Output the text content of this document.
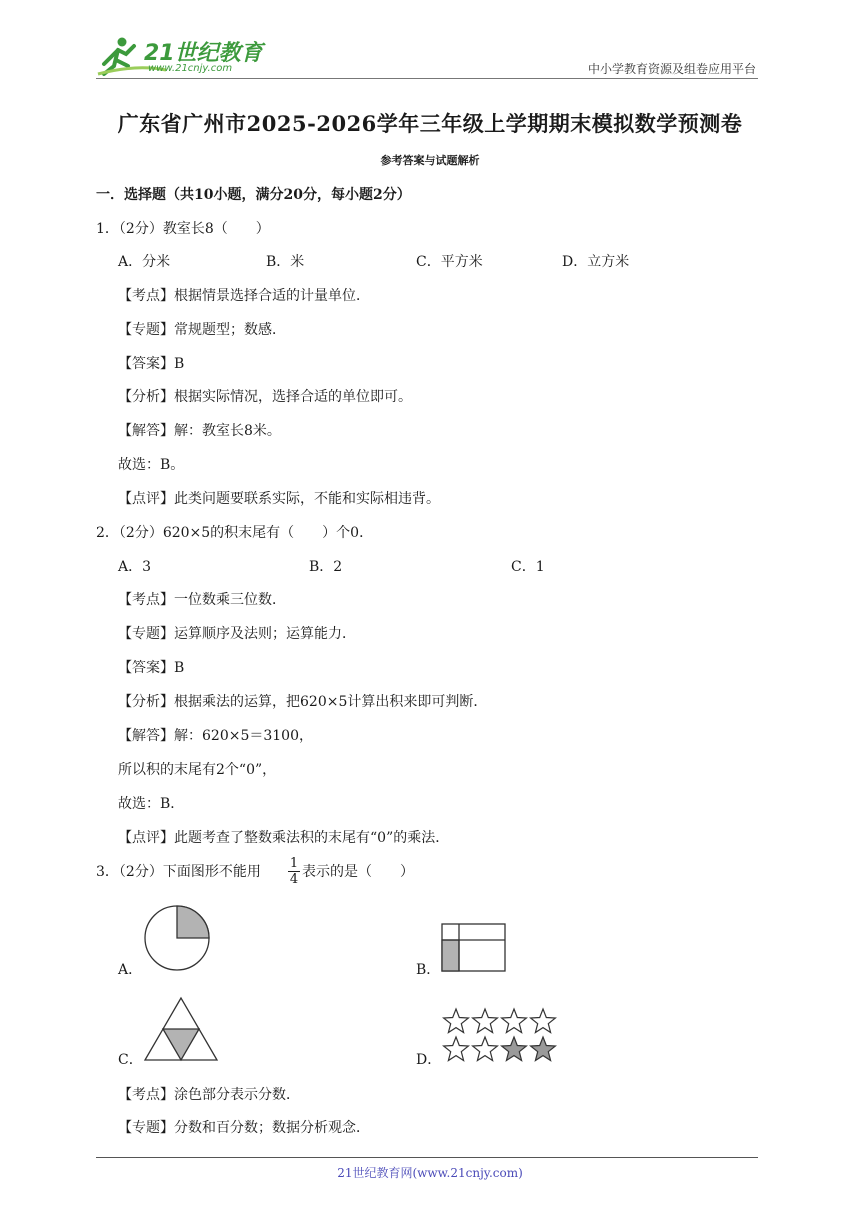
21世纪教育
www.21cnjy.com	中小学教育资源及组卷应用平台
广东省广州市2025-2026学年三年级上学期期末模拟数学预测卷
参考答案与试题解析
一．选择题（共10小题，满分20分，每小题2分）
1．（2分）教室长8（　　）
A．分米	B．米	C．平方米	D．立方米
【考点】根据情景选择合适的计量单位．
【专题】常规题型；数感．
【答案】B
【分析】根据实际情况，选择合适的单位即可。
【解答】解：教室长8米。
故选：B。
【点评】此类问题要联系实际，不能和实际相违背。
2．（2分）620×5的积末尾有（　　）个0．
A．3	B．2	C．1
【考点】一位数乘三位数．
【专题】运算顺序及法则；运算能力．
【答案】B
【分析】根据乘法的运算，把620×5计算出积来即可判断．
【解答】解：620×5＝3100，
所以积的末尾有2个“0”，
故选：B．
【点评】此题考查了整数乘法积的末尾有“0”的乘法．
3．（2分）下面图形不能用 $\frac{1}{4}$ 表示的是（　　）
A．	B．
C．	D．
【考点】涂色部分表示分数．
【专题】分数和百分数；数据分析观念．
21世纪教育网(www.21cnjy.com)
